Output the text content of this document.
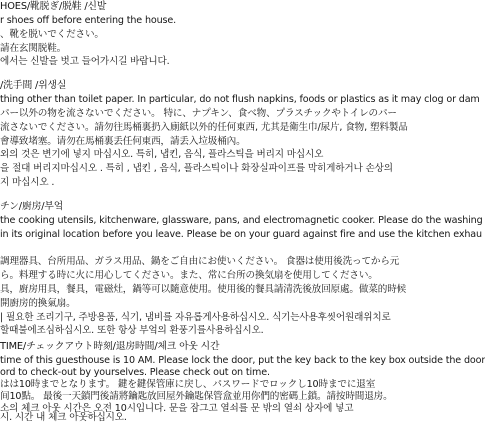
HOES/靴脱ぎ/脱鞋 /신발
r shoes off before entering the house.
、靴を脱いでください。
請在玄関脱鞋。
에서는 신발을 벗고 들어가시길 바랍니다.
/洗手間 /위생실
thing other than toilet paper. In particular, do not flush napkins, foods or plastics as it may clog or dam
パー以外の物を流さないでください。 特に、ナプキン、食べ物、プラスチックやトイレのパー
流さないでください。請勿往馬桶裏扔入廁紙以外的任何東西, 尤其是衛生巾/尿片, 食物, 塑料製品
會導致堵塞。请勿在馬桶裏丢任何東西，請丢入垃圾桶內。
외의 것은 변기에 넣지 마십시오. 특히, 냅킨, 음식, 플라스틱을 버리지 마십시오
을 절대 버리지마십시오 . 특히 , 냅킨 , 음식, 플라스틱이나 화장실파이프를 막히게하거나 손상의
지 마십시오 .
チン/廚房/부엌
the cooking utensils, kitchenware, glassware, pans, and electromagnetic cooker. Please do the washing
in its original location before you leave. Please be on your guard against fire and use the kitchen exhau
調理器具、台所用品、ガラス用品、鍋をご自由にお使いください。 食器は使用後洗ってから元
ら。料理する時に火に用心してください。また、常に台所の換気扇を使用してください。
具，廚房用具，餐具，電磁灶，鍋等可以隨意使用。使用後的餐具請清洗後放回原處。做菜的時候
開廚房的換氣扇。
| 필요한 조리기구, 주방용품, 식기, 냄비를 자유롭게사용하십시오. 식기는사용후씻어원래위치로
할때불에조심하십시오. 또한 항상 부엌의 환풍기를사용하십시오.
TIME/チェックアウト時刻/退房時間/체크 아웃 시간
time of this guesthouse is 10 AM. Please lock the door, put the key back to the key box outside the door
ord to check-out by yourselves. Please check out on time.
はは10時までとなります。 鍵を鍵保管庫に戻し、パスワードでロックし10時までに退室
间10點。 最後一天鎖門後請將鑰匙放回屋外鑰匙保管盒並用你們的密碼上鎖。請按時間退房。
소의 체크 아웃 시간은 오전 10시입니다. 문을 잠그고 열쇠를 문 밖의 열쇠 상자에 넣고
시. 시간 내 체크 아웃하십시오.
